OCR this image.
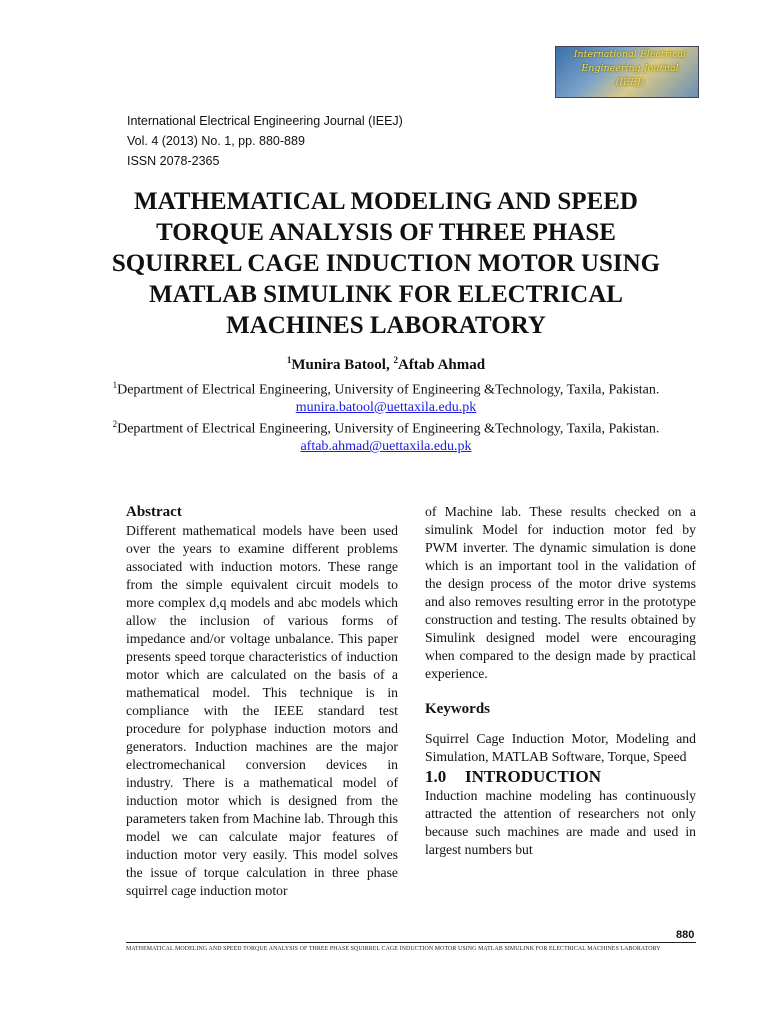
International Electrical
Engineering Journal
(IEEJ)
International Electrical Engineering Journal (IEEJ)
Vol. 4 (2013) No. 1, pp. 880-889
ISSN 2078-2365
MATHEMATICAL MODELING AND SPEED TORQUE ANALYSIS OF THREE PHASE SQUIRREL CAGE INDUCTION MOTOR USING MATLAB SIMULINK FOR ELECTRICAL MACHINES LABORATORY
$^1$Munira Batool, $^2$Aftab Ahmad
$^1$Department of Electrical Engineering, University of Engineering &Technology, Taxila, Pakistan.
munira.batool@uettaxila.edu.pk
$^2$Department of Electrical Engineering, University of Engineering &Technology, Taxila, Pakistan.
aftab.ahmad@uettaxila.edu.pk
Abstract
Different mathematical models have been used over the years to examine different problems associated with induction motors. These range from the simple equivalent circuit models to more complex d,q models and abc models which allow the inclusion of various forms of impedance and/or voltage unbalance. This paper presents speed torque characteristics of induction motor which are calculated on the basis of a mathematical model. This technique is in compliance with the IEEE standard test procedure for polyphase induction motors and generators. Induction machines are the major electromechanical conversion devices in industry. There is a mathematical model of induction motor which is designed from the parameters taken from Machine lab. Through this model we can calculate major features of induction motor very easily. This model solves the issue of torque calculation in three phase squirrel cage induction motor
of Machine lab. These results checked on a simulink Model for induction motor fed by PWM inverter. The dynamic simulation is done which is an important tool in the validation of the design process of the motor drive systems and also removes resulting error in the prototype construction and testing. The results obtained by Simulink designed model were encouraging when compared to the design made by practical experience.
Keywords
Squirrel Cage Induction Motor, Modeling and Simulation, MATLAB Software, Torque, Speed
1.0 INTRODUCTION
Induction machine modeling has continuously attracted the attention of researchers not only because such machines are made and used in largest numbers but
880
MATHEMATICAL MODELING AND SPEED TORQUE ANALYSIS OF THREE PHASE SQUIRREL CAGE INDUCTION MOTOR USING MATLAB SIMULINK FOR ELECTRICAL MACHINES LABORATORY
